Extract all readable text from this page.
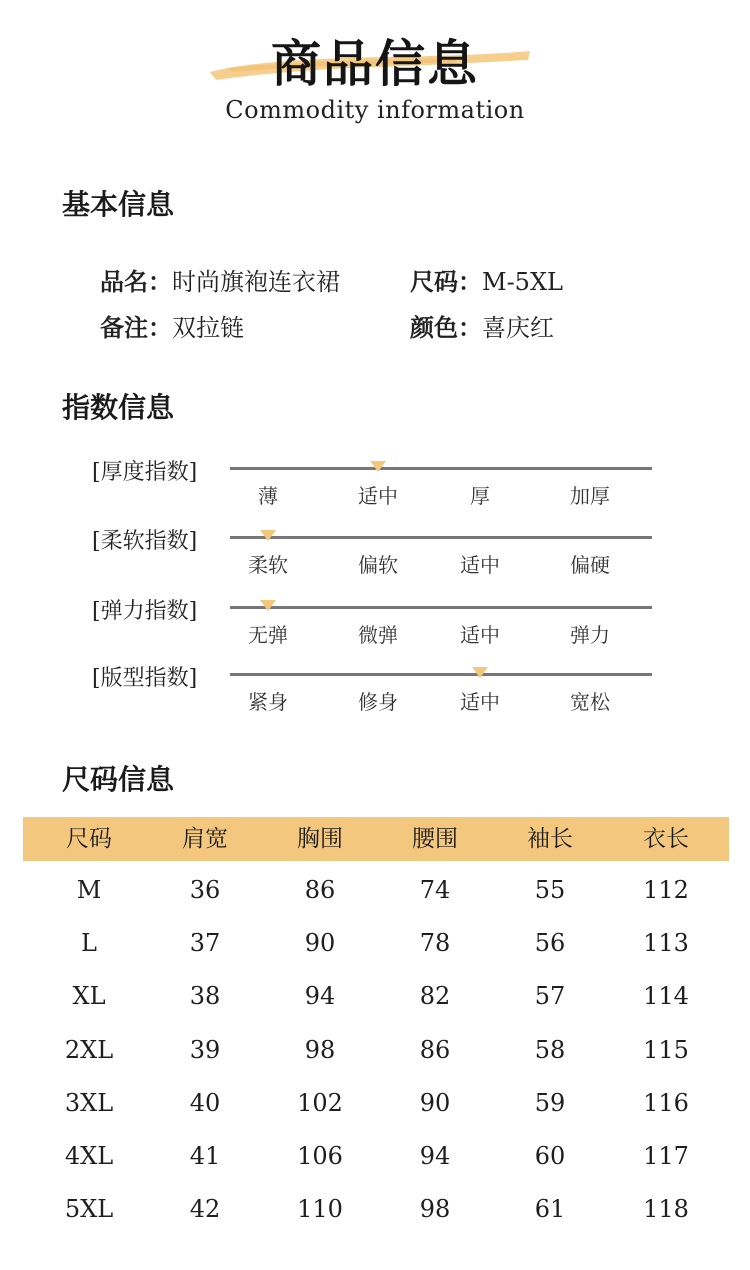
商品信息
Commodity information
基本信息
品名：时尚旗袍连衣裙	尺码：M-5XL
备注：双拉链	颜色：喜庆红
指数信息
[厚度指数]
薄	适中	厚	加厚
[柔软指数]
柔软	偏软	适中	偏硬
[弹力指数]
无弹	微弹	适中	弹力
[版型指数]
紧身	修身	适中	宽松
尺码信息
尺码	肩宽	胸围	腰围	袖长	衣长
M	36	86	74	55	112
L	37	90	78	56	113
XL	38	94	82	57	114
2XL	39	98	86	58	115
3XL	40	102	90	59	116
4XL	41	106	94	60	117
5XL	42	110	98	61	118
